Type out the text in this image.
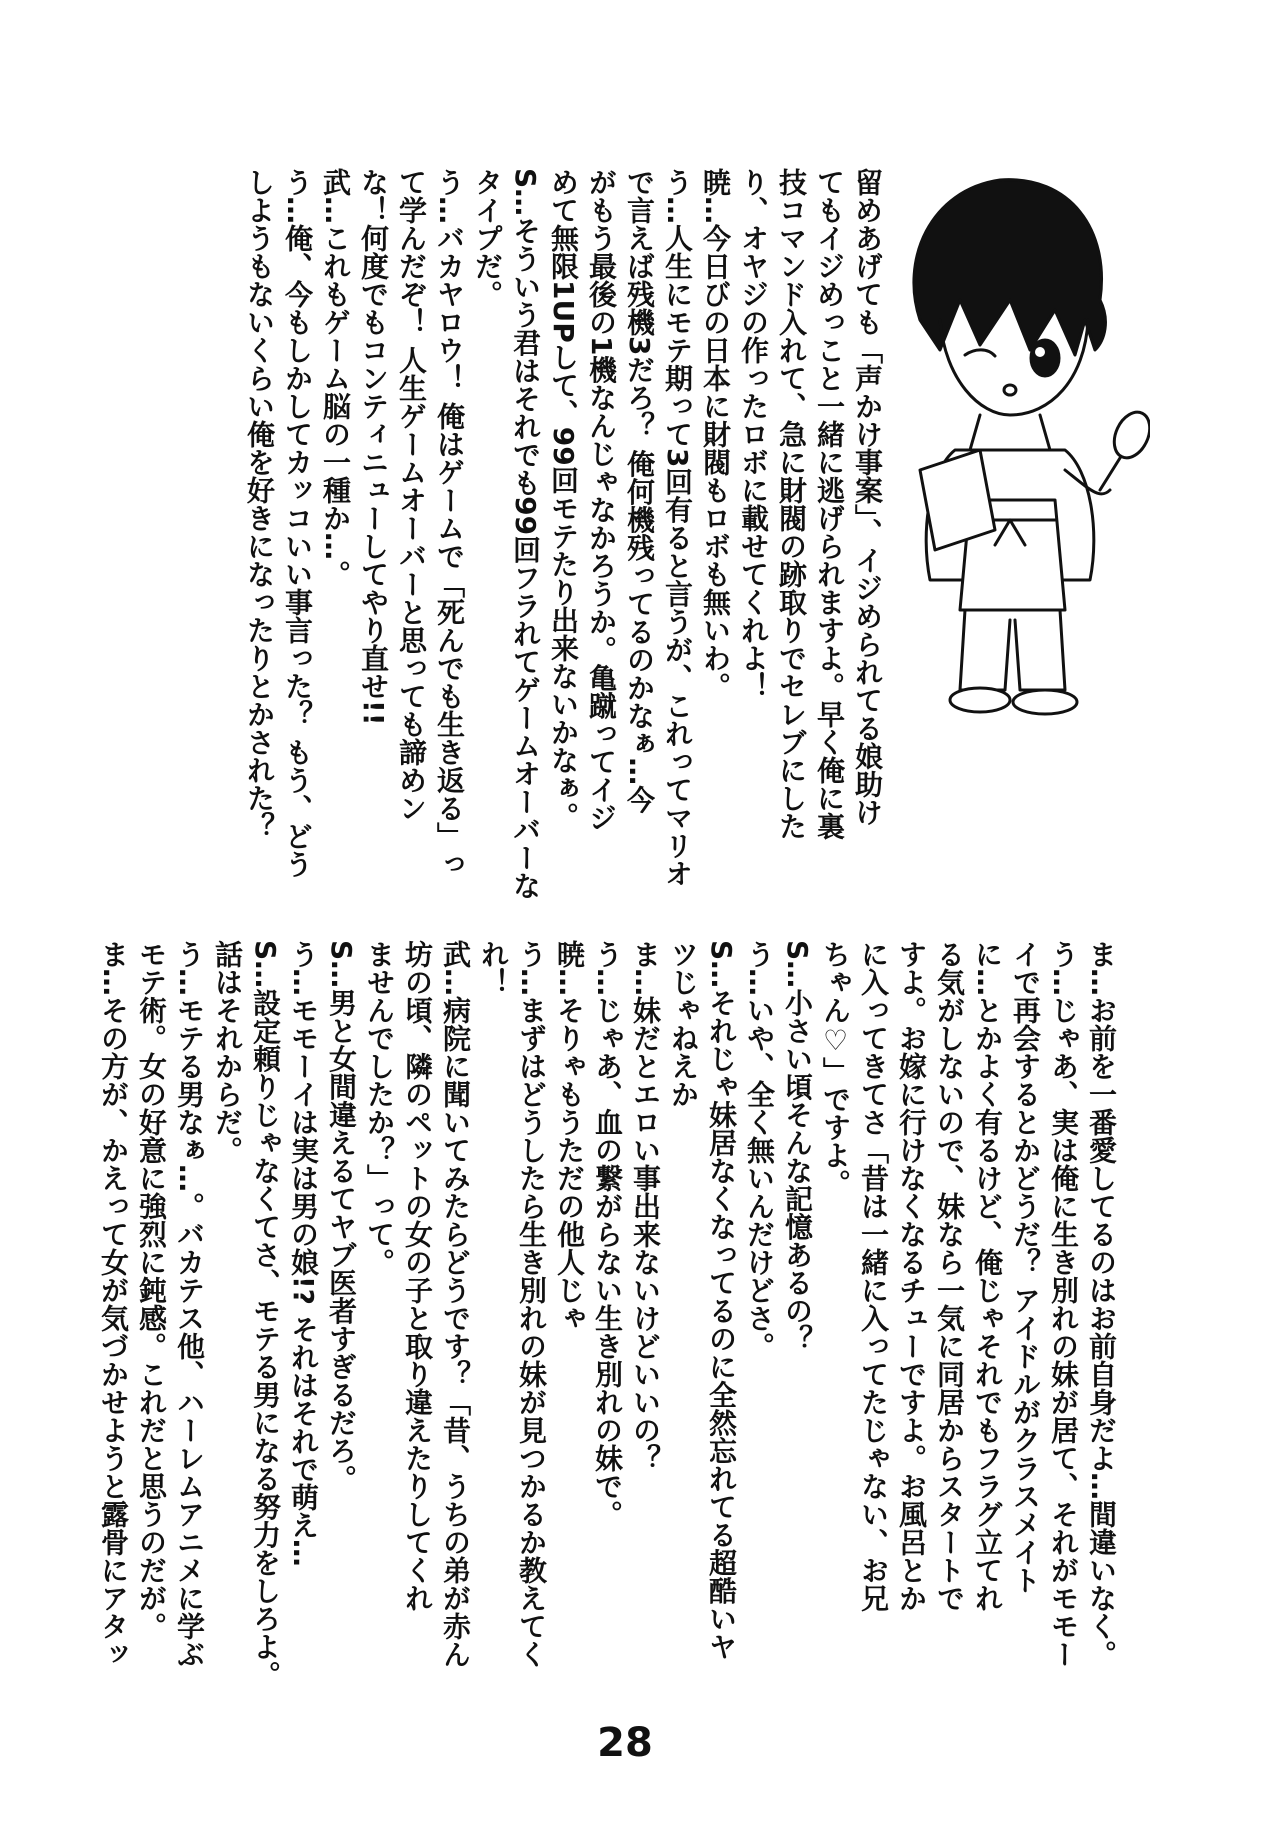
留めあげても「声かけ事案」、イジめられてる娘助け
てもイジめっこと一緒に逃げられますよ。早く俺に裏
技コマンド入れて、急に財閥の跡取りでセレブにした
り、オヤジの作ったロボに載せてくれよ！
暁…今日びの日本に財閥もロボも無いわ。
う…人生にモテ期って3回有ると言うが、これってマリオ
で言えば残機3だろ？ 俺何機残ってるのかなぁ…今
がもう最後の1機なんじゃなかろうか。亀蹴ってイジ
めて無限1UPして、99回モテたり出来ないかなぁ。
S…そういう君はそれでも99回フラれてゲームオーバーな
タイプだ。
う…バカヤロウ！ 俺はゲームで「死んでも生き返る」っ
て学んだぞ！ 人生ゲームオーバーと思っても諦めン
な！何度でもコンティニューしてやり直せ!!
武…これもゲーム脳の一種か…。
う…俺、今もしかしてカッコいい事言った？ もう、どう
しようもないくらい俺を好きになったりとかされた？
ま…お前を一番愛してるのはお前自身だよ…間違いなく。
う…じゃあ、実は俺に生き別れの妹が居て、それがモモー
イで再会するとかどうだ？ アイドルがクラスメイト
に…とかよく有るけど、俺じゃそれでもフラグ立てれ
る気がしないので、妹なら一気に同居からスタートで
すよ。お嫁に行けなくなるチューですよ。お風呂とか
に入ってきてさ「昔は一緒に入ってたじゃない、お兄
ちゃん♡」ですよ。
S…小さい頃そんな記憶あるの？
う…いや、全く無いんだけどさ。
S…それじゃ妹居なくなってるのに全然忘れてる超酷いヤ
ツじゃねえか
ま…妹だとエロい事出来ないけどいいの？
う…じゃあ、血の繋がらない生き別れの妹で。
暁…そりゃもうただの他人じゃ
う…まずはどうしたら生き別れの妹が見つかるか教えてく
れ！
武…病院に聞いてみたらどうです？「昔、うちの弟が赤ん
坊の頃、隣のペットの女の子と取り違えたりしてくれ
ませんでしたか？」って。
S…男と女間違えるてヤブ医者すぎるだろ。
う…モモーイは実は男の娘!? それはそれで萌え…
S…設定頼りじゃなくてさ、モテる男になる努力をしろよ。
話はそれからだ。
う…モテる男なぁ…。バカテス他、ハーレムアニメに学ぶ
モテ術。女の好意に強烈に鈍感。これだと思うのだが。
ま…その方が、かえって女が気づかせようと露骨にアタッ
28
